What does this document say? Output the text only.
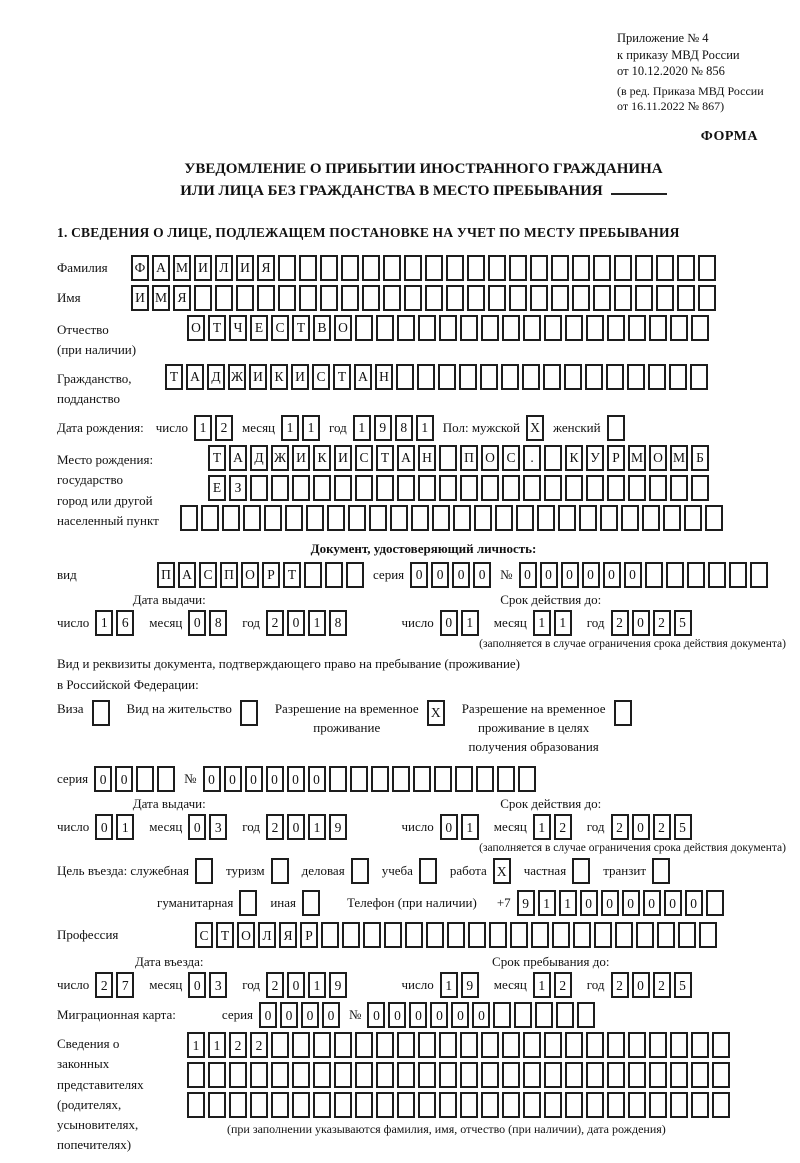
Приложение № 4
к приказу МВД России
от 10.12.2020 № 856
(в ред. Приказа МВД России
от 16.11.2022 № 867)
ФОРМА
УВЕДОМЛЕНИЕ О ПРИБЫТИИ ИНОСТРАННОГО ГРАЖДАНИНА
ИЛИ ЛИЦА БЕЗ ГРАЖДАНСТВА В МЕСТО ПРЕБЫВАНИЯ
1. СВЕДЕНИЯ О ЛИЦЕ, ПОДЛЕЖАЩЕМ ПОСТАНОВКЕ НА УЧЕТ ПО МЕСТУ ПРЕБЫВАНИЯ
Фамилия	Ф А М И Л И Я
Имя	И М Я
Отчество
(при наличии)
О Т Ч Е С Т В О
Гражданство,
подданство
Т А Д Ж И К И С Т А Н
Дата рождения: число 1	2	месяц 1	1	год 1	9	8	1	Пол: мужской X	женский
Место рождения:
государство
город или другой
населенный пункт
Т А Д Ж И К И С Т А Н	П О С	.	К У Р М О М Б
Е З
Документ, удостоверяющий личность:
вид	П А С П О Р Т	серия 0	0	0	0	№ 0	0	0	0	0	0
Дата выдачи:
число 1	6	месяц 0	8	год 2	0	1	8
Срок действия до:
число 0	1	месяц 1	1	год 2	0	2	5
(заполняется в случае ограничения срока действия документа)
Вид и реквизиты документа, подтверждающего право на пребывание (проживание)
в Российской Федерации:
Виза	Вид на жительство	Разрешение на временное
проживание
X	Разрешение на временное
проживание в целях
получения образования
серия 0	0	№ 0	0	0	0	0	0
Дата выдачи:
число 0	1	месяц 0	3	год 2	0	1	9
Срок действия до:
число 0	1	месяц 1	2	год 2	0	2	5
(заполняется в случае ограничения срока действия документа)
Цель въезда: служебная	туризм	деловая	учеба	работа X	частная	транзит
гуманитарная	иная	Телефон (при наличии) +7 9	1	1	0	0	0	0	0	0
Профессия	С Т О Л Я Р
Дата въезда:
число 2	7	месяц 0	3	год 2	0	1	9
Срок пребывания до:
число 1	9	месяц 1	2	год 2	0	2	5
Миграционная карта:	серия 0	0	0	0	№ 0	0	0	0	0	0
Сведения о
законных
представителях
(родителях,
усыновителях,
попечителях)
1	1	2	2
(при заполнении указываются фамилия, имя, отчество (при наличии), дата рождения)
